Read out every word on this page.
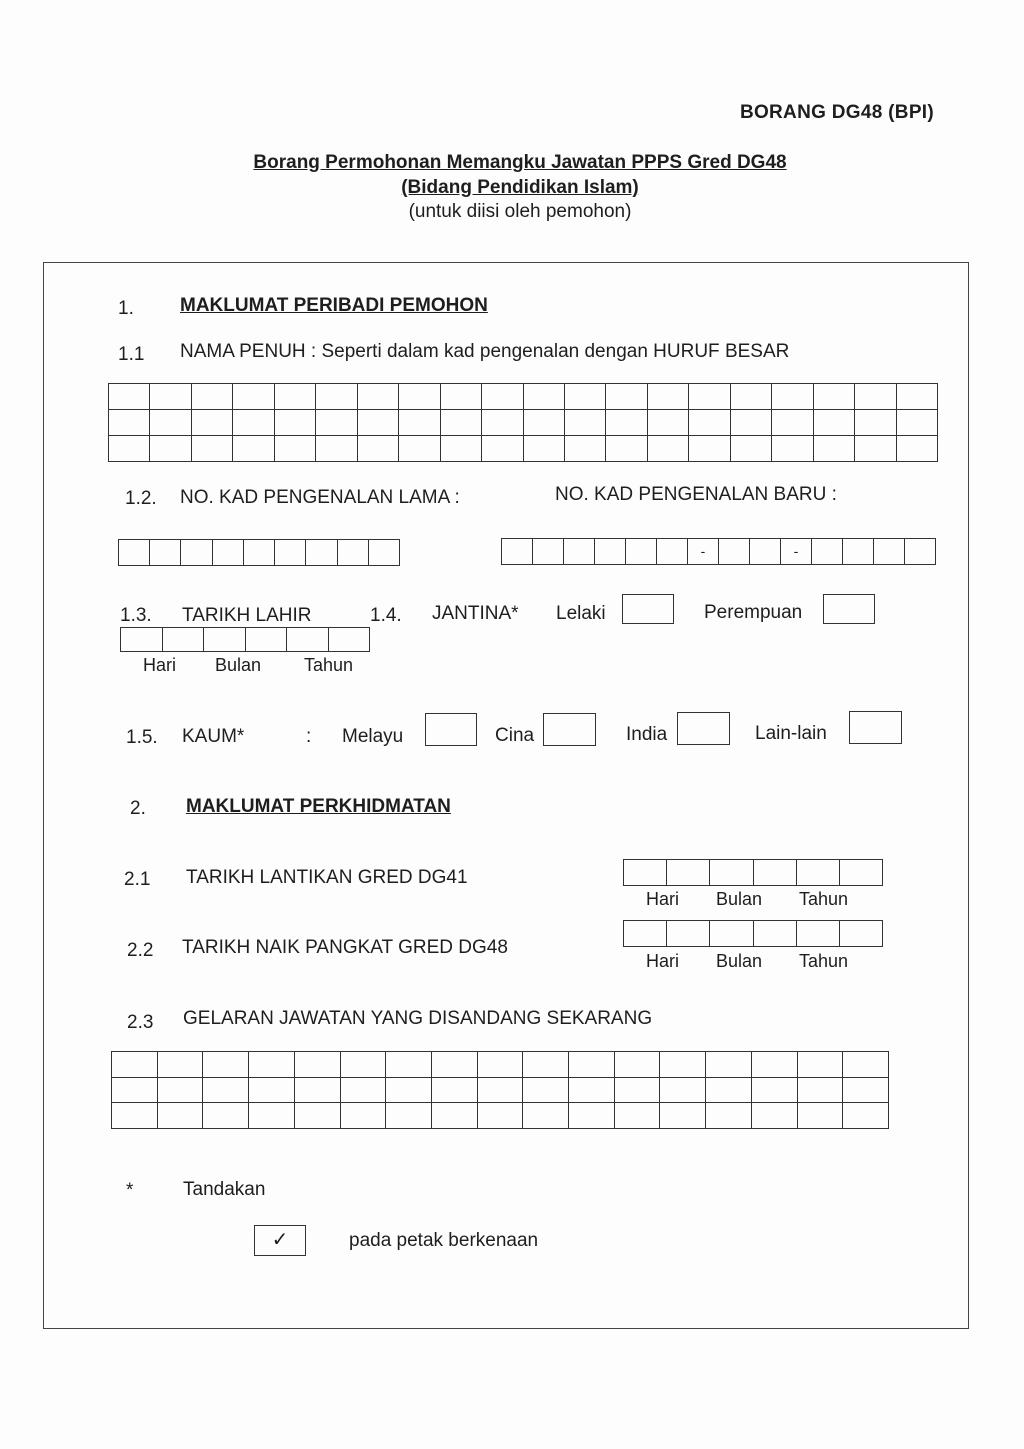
BORANG DG48 (BPI)
Borang Permohonan Memangku Jawatan PPPS Gred DG48
(Bidang Pendidikan Islam)
(untuk diisi oleh pemohon)
1. MAKLUMAT PERIBADI PEMOHON
1.1 NAMA PENUH : Seperti dalam kad pengenalan dengan HURUF BESAR
1.2. NO. KAD PENGENALAN LAMA :	NO. KAD PENGENALAN BARU :
-	-
1.3. TARIKH LAHIR
Hari Bulan Tahun
1.4. JANTINA* Lelaki	Perempuan
1.5. KAUM*	: Melayu	Cina	India	Lain-lain
2. MAKLUMAT PERKHIDMATAN
2.1 TARIKH LANTIKAN GRED DG41
Hari Bulan Tahun
2.2 TARIKH NAIK PANGKAT GRED DG48
Hari Bulan Tahun
2.3 GELARAN JAWATAN YANG DISANDANG SEKARANG
*	Tandakan
✓	pada petak berkenaan
